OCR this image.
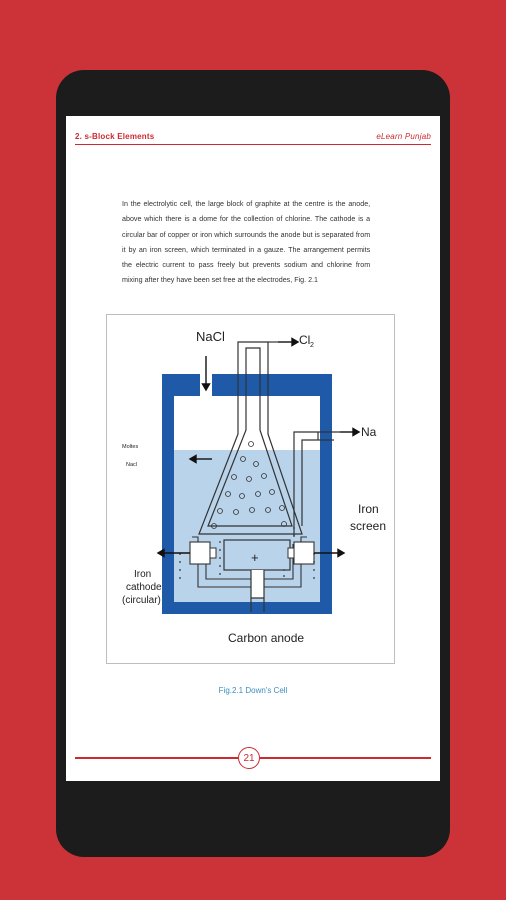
2. s-Block Elements	eLearn Punjab
In the electrolytic cell, the large block of graphite at the centre is the anode, above which there is a dome for the collection of chlorine. The cathode is a circular bar of copper or iron which surrounds the anode but is separated from it by an iron screen, which terminated in a gauze. The arrangement permits the electric current to pass freely but prevents sodium and chlorine from mixing after they have been set free at the electrodes, Fig. 2.1
NaCl	Cl 2
Na
Moltes
Nacl
Iron
screen
Iron
cathode
(circular)
Carbon anode
+
Fig.2.1 Down's Cell
21
